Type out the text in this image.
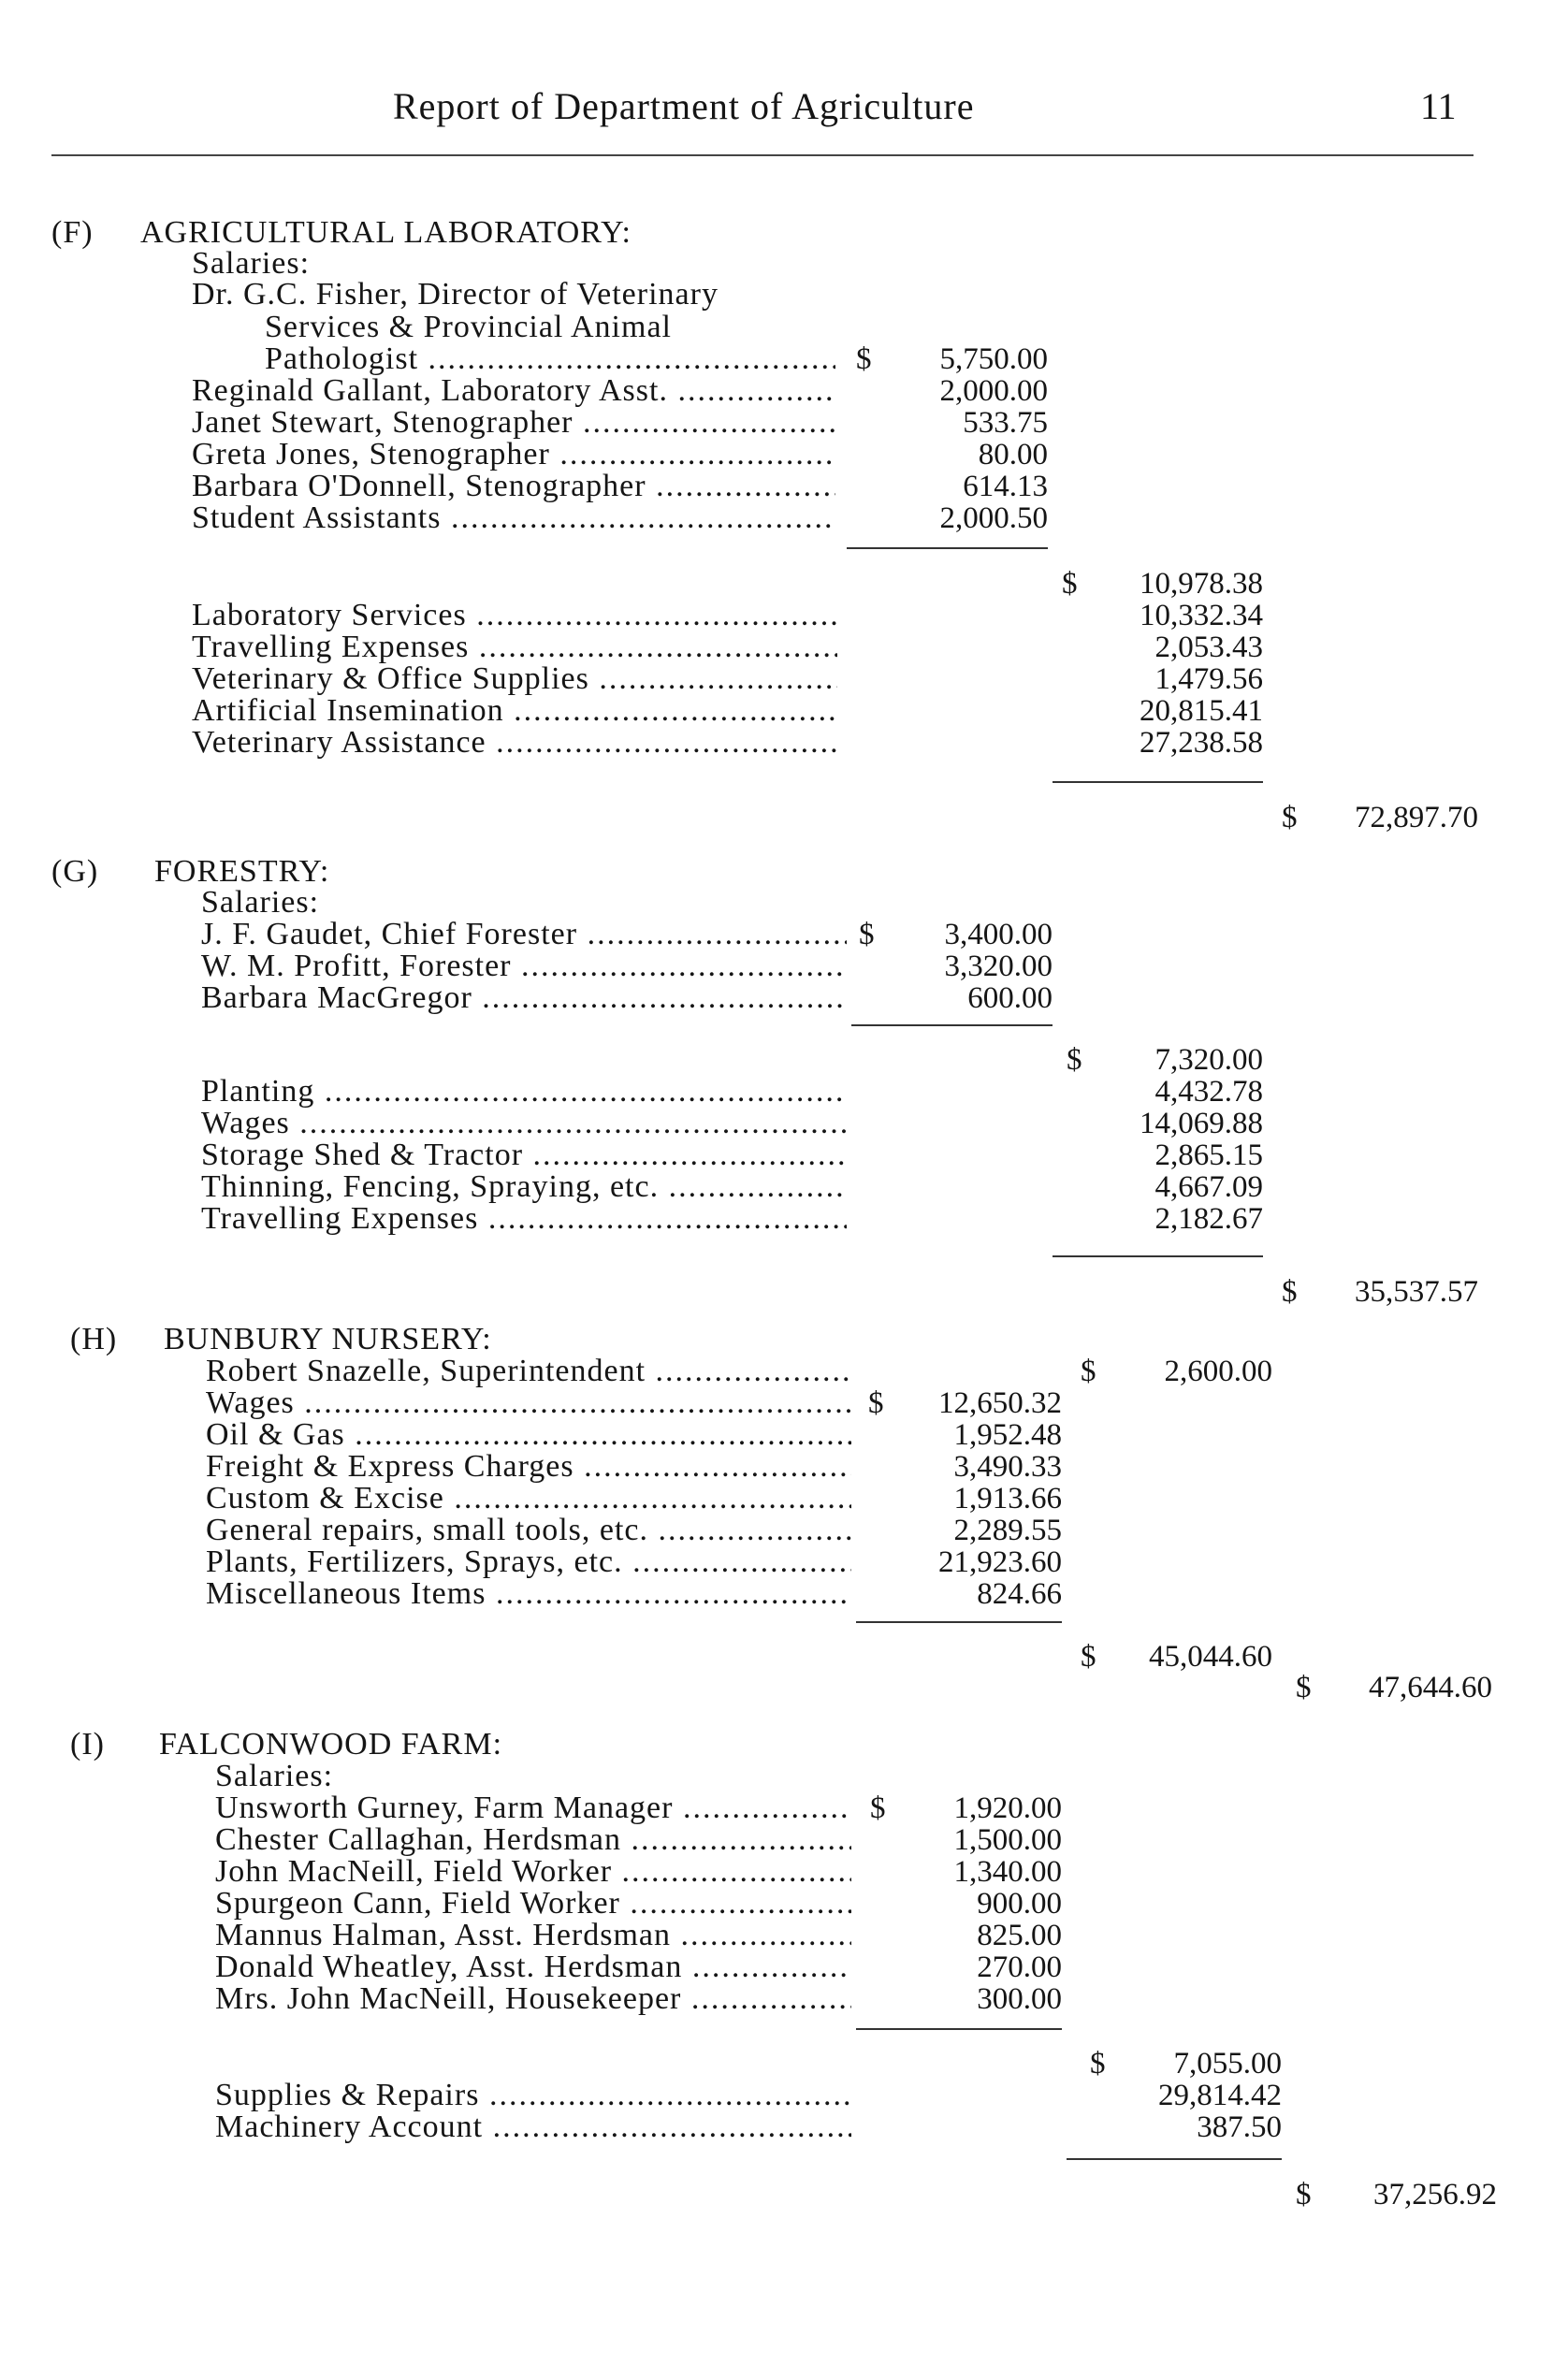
Report of Department of Agriculture	11
(F) AGRICULTURAL LABORATORY:
Salaries:
Dr. G.C. Fisher, Director of Veterinary
Services & Provincial Animal
Pathologist .....	$	5,750.00
Reginald Gallant, Laboratory Asst. .....	2,000.00
Janet Stewart, Stenographer .....	533.75
Greta Jones, Stenographer .....	80.00
Barbara O'Donnell, Stenographer .....	614.13
Student Assistants .....	2,000.50
$	10,978.38
Laboratory Services .....	10,332.34
Travelling Expenses .....	2,053.43
Veterinary & Office Supplies .....	1,479.56
Artificial Insemination .....	20,815.41
Veterinary Assistance .....	27,238.58
$	72,897.70
(G) FORESTRY:
Salaries:
J. F. Gaudet, Chief Forester .....	$	3,400.00
W. M. Profitt, Forester .....	3,320.00
Barbara MacGregor .....	600.00
$	7,320.00
Planting .....	4,432.78
Wages .....	14,069.88
Storage Shed & Tractor .....	2,865.15
Thinning, Fencing, Spraying, etc. .....	4,667.09
Travelling Expenses .....	2,182.67
$	35,537.57
(H) BUNBURY NURSERY:
Robert Snazelle, Superintendent .....	$	2,600.00
Wages .....	$	12,650.32
Oil & Gas .....	1,952.48
Freight & Express Charges .....	3,490.33
Custom & Excise .....	1,913.66
General repairs, small tools, etc. .....	2,289.55
Plants, Fertilizers, Sprays, etc. .....	21,923.60
Miscellaneous Items .....	824.66
$	45,044.60
$	47,644.60
(I) FALCONWOOD FARM:
Salaries:
Unsworth Gurney, Farm Manager .....	$	1,920.00
Chester Callaghan, Herdsman .....	1,500.00
John MacNeill, Field Worker .....	1,340.00
Spurgeon Cann, Field Worker .....	900.00
Mannus Halman, Asst. Herdsman .....	825.00
Donald Wheatley, Asst. Herdsman .....	270.00
Mrs. John MacNeill, Housekeeper .....	300.00
$	7,055.00
Supplies & Repairs .....	29,814.42
Machinery Account .....	387.50
$	37,256.92
